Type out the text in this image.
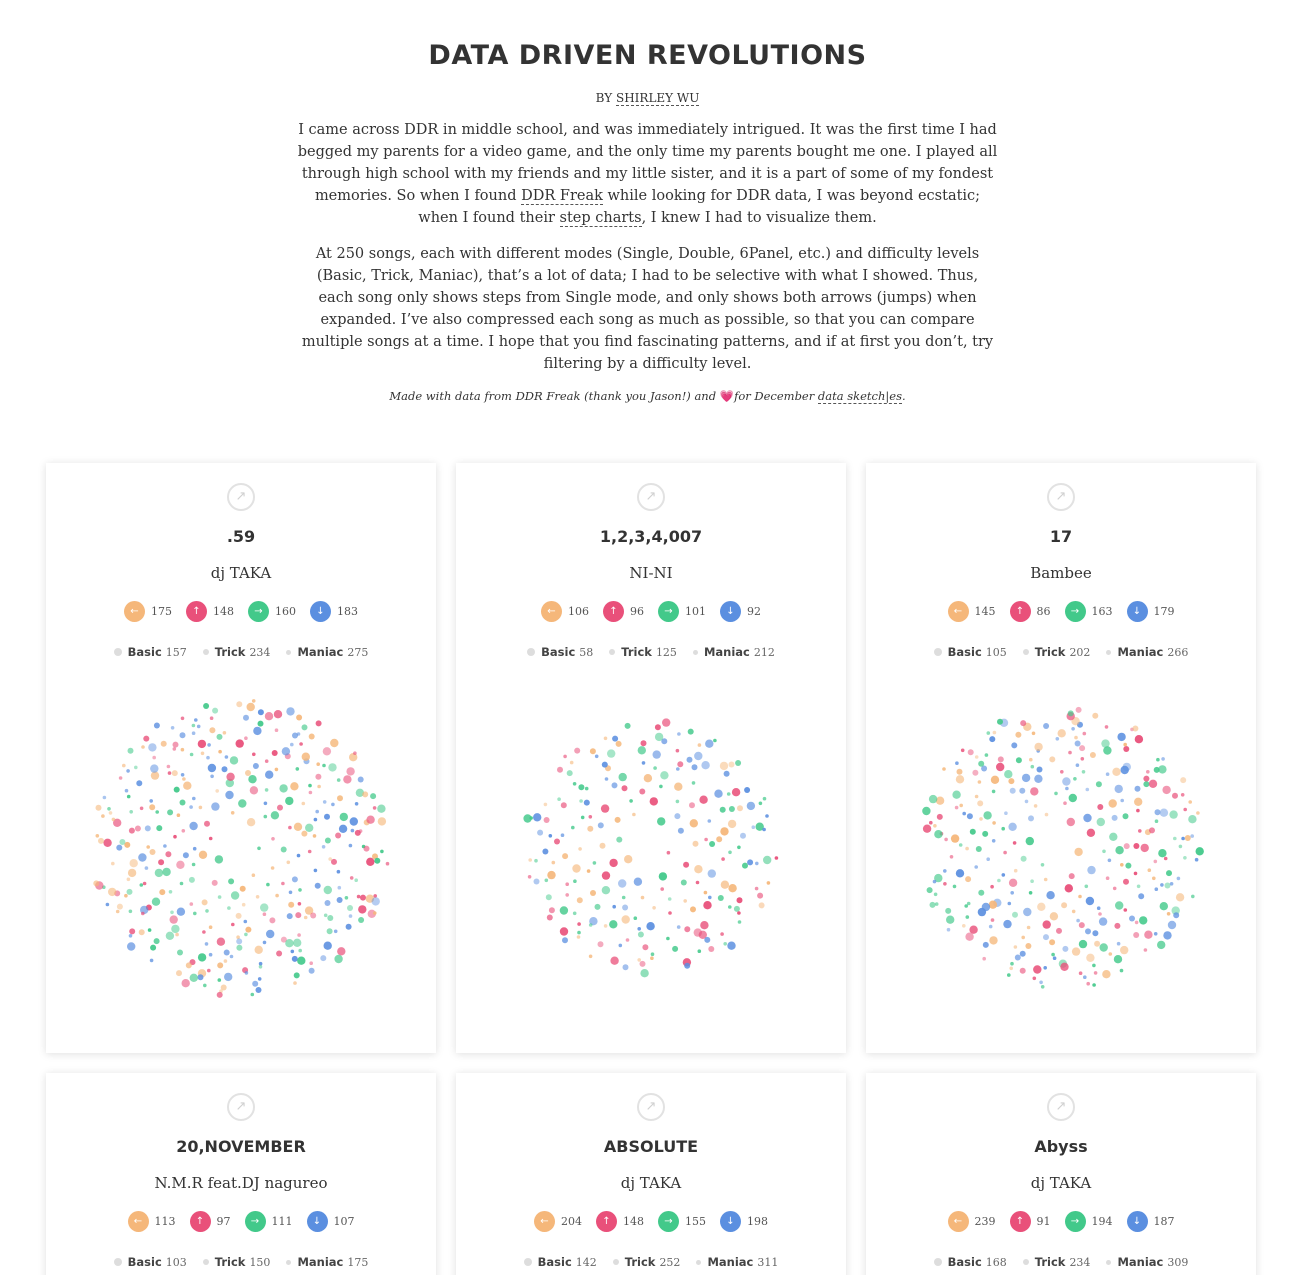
DATA DRIVEN REVOLUTIONS
BY SHIRLEY WU

I came across DDR in middle school, and was immediately intrigued. It was the first time I had begged my parents for a video game, and the only time my parents bought me one. I played all through high school with my friends and my little sister, and it is a part of some of my fondest memories. So when I found DDR Freak while looking for DDR data, I was beyond ecstatic; when I found their step charts, I knew I had to visualize them.

At 250 songs, each with different modes (Single, Double, 6Panel, etc.) and difficulty levels (Basic, Trick, Maniac), that’s a lot of data; I had to be selective with what I showed. Thus, each song only shows steps from Single mode, and only shows both arrows (jumps) when expanded. I’ve also compressed each song as much as possible, so that you can compare multiple songs at a time. I hope that you find fascinating patterns, and if at first you don’t, try filtering by a difficulty level.

Made with data from DDR Freak (thank you Jason!) and 💗for December data sketch|es.
↗
.59
dj TAKA
←	175	↑	148	→	160	↓	183
Basic 157 Trick 234 Maniac 275
↗
1,2,3,4,007
NI-NI
←	106	↑	96	→	101	↓	92
Basic 58 Trick 125 Maniac 212
↗
17
Bambee
←	145	↑	86	→	163	↓	179
Basic 105 Trick 202 Maniac 266
↗
20,NOVEMBER
N.M.R feat.DJ nagureo
←	113	↑	97	→	111	↓	107
Basic 103 Trick 150 Maniac 175
↗
ABSOLUTE
dj TAKA
←	204	↑	148	→	155	↓	198
Basic 142 Trick 252 Maniac 311
↗
Abyss
dj TAKA
←	239	↑	91	→	194	↓	187
Basic 168 Trick 234 Maniac 309
